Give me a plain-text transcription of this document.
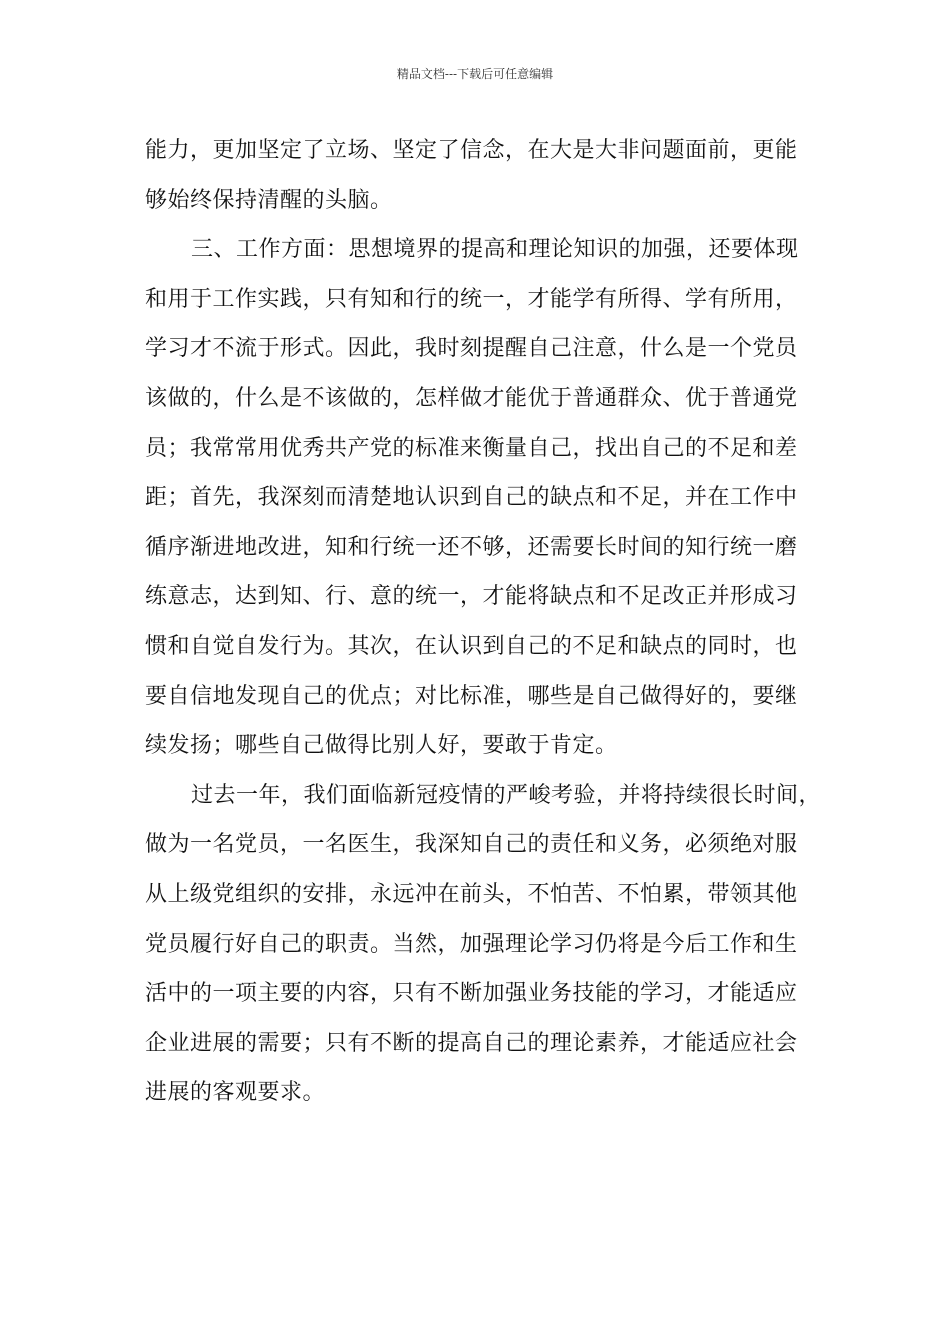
精品文档---下载后可任意编辑
能力，更加坚定了立场、坚定了信念，在大是大非问题面前，更能
够始终保持清醒的头脑。
三、工作方面：思想境界的提高和理论知识的加强，还要体现
和用于工作实践，只有知和行的统一，才能学有所得、学有所用，
学习才不流于形式。因此，我时刻提醒自己注意，什么是一个党员
该做的，什么是不该做的，怎样做才能优于普通群众、优于普通党
员；我常常用优秀共产党的标准来衡量自己，找出自己的不足和差
距；首先，我深刻而清楚地认识到自己的缺点和不足，并在工作中
循序渐进地改进，知和行统一还不够，还需要长时间的知行统一磨
练意志，达到知、行、意的统一，才能将缺点和不足改正并形成习
惯和自觉自发行为。其次，在认识到自己的不足和缺点的同时，也
要自信地发现自己的优点；对比标准，哪些是自己做得好的，要继
续发扬；哪些自己做得比别人好，要敢于肯定。
过去一年，我们面临新冠疫情的严峻考验，并将持续很长时间，
做为一名党员，一名医生，我深知自己的责任和义务，必须绝对服
从上级党组织的安排，永远冲在前头，不怕苦、不怕累，带领其他
党员履行好自己的职责。当然，加强理论学习仍将是今后工作和生
活中的一项主要的内容，只有不断加强业务技能的学习，才能适应
企业进展的需要；只有不断的提高自己的理论素养，才能适应社会
进展的客观要求。
